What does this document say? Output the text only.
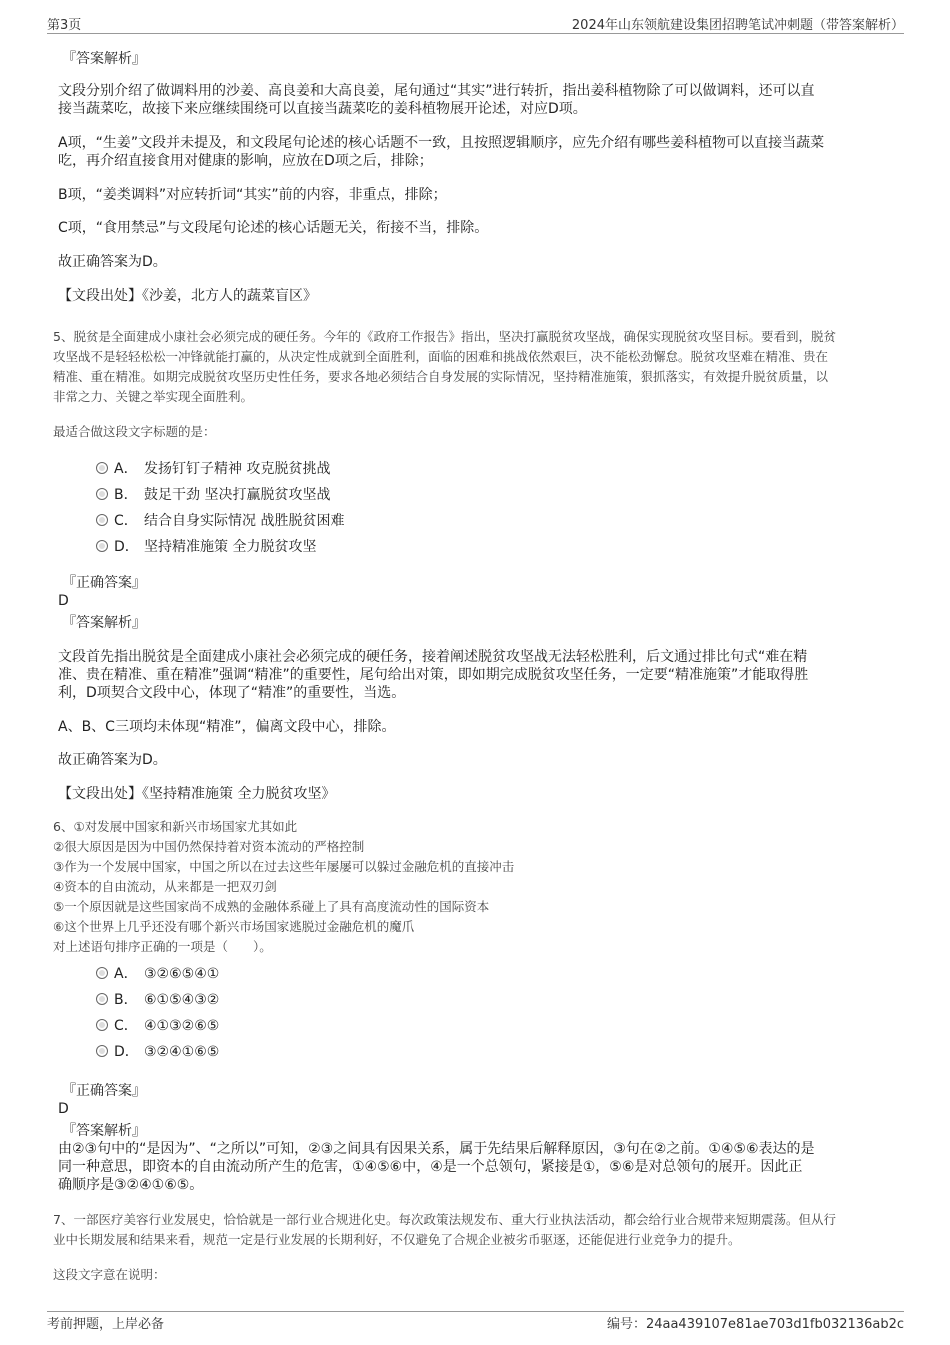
第3页	2024年山东领航建设集团招聘笔试冲刺题（带答案解析）

『答案解析』

文段分别介绍了做调料用的沙姜、高良姜和大高良姜，尾句通过“其实”进行转折，指出姜科植物除了可以做调料，还可以直

接当蔬菜吃，故接下来应继续围绕可以直接当蔬菜吃的姜科植物展开论述，对应D项。

A项，“生姜”文段并未提及，和文段尾句论述的核心话题不一致，且按照逻辑顺序，应先介绍有哪些姜科植物可以直接当蔬菜

吃，再介绍直接食用对健康的影响，应放在D项之后，排除；

B项，“姜类调料”对应转折词“其实”前的内容，非重点，排除；

C项，“食用禁忌”与文段尾句论述的核心话题无关，衔接不当，排除。

故正确答案为D。

【文段出处】《沙姜，北方人的蔬菜盲区》

5、脱贫是全面建成小康社会必须完成的硬任务。今年的《政府工作报告》指出，坚决打赢脱贫攻坚战，确保实现脱贫攻坚目标。要看到，脱贫

攻坚战不是轻轻松松一冲锋就能打赢的，从决定性成就到全面胜利，面临的困难和挑战依然艰巨，决不能松劲懈怠。脱贫攻坚难在精准、贵在

精准、重在精准。如期完成脱贫攻坚历史性任务，要求各地必须结合自身发展的实际情况，坚持精准施策，狠抓落实，有效提升脱贫质量，以

非常之力、关键之举实现全面胜利。

最适合做这段文字标题的是：

A． 发扬钉钉子精神 攻克脱贫挑战
B． 鼓足干劲 坚决打赢脱贫攻坚战
C． 结合自身实际情况 战胜脱贫困难
D． 坚持精准施策 全力脱贫攻坚

『正确答案』

D

『答案解析』

文段首先指出脱贫是全面建成小康社会必须完成的硬任务，接着阐述脱贫攻坚战无法轻松胜利，后文通过排比句式“难在精

准、贵在精准、重在精准”强调“精准”的重要性，尾句给出对策，即如期完成脱贫攻坚任务，一定要“精准施策”才能取得胜

利，D项契合文段中心，体现了“精准”的重要性，当选。

A、B、C三项均未体现“精准”，偏离文段中心，排除。

故正确答案为D。

【文段出处】《坚持精准施策 全力脱贫攻坚》

6、①对发展中国家和新兴市场国家尤其如此

②很大原因是因为中国仍然保持着对资本流动的严格控制

③作为一个发展中国家，中国之所以在过去这些年屡屡可以躲过金融危机的直接冲击

④资本的自由流动，从来都是一把双刃剑

⑤一个原因就是这些国家尚不成熟的金融体系碰上了具有高度流动性的国际资本

⑥这个世界上几乎还没有哪个新兴市场国家逃脱过金融危机的魔爪

对上述语句排序正确的一项是（　　）。

A． ③②⑥⑤④①
B． ⑥①⑤④③②
C． ④①③②⑥⑤
D． ③②④①⑥⑤

『正确答案』

D

『答案解析』

由②③句中的“是因为”、“之所以”可知，②③之间具有因果关系，属于先结果后解释原因，③句在②之前。①④⑤⑥表达的是

同一种意思，即资本的自由流动所产生的危害，①④⑤⑥中，④是一个总领句，紧接是①，⑤⑥是对总领句的展开。因此正

确顺序是③②④①⑥⑤。

7、一部医疗美容行业发展史，恰恰就是一部行业合规进化史。每次政策法规发布、重大行业执法活动，都会给行业合规带来短期震荡。但从行

业中长期发展和结果来看，规范一定是行业发展的长期利好，不仅避免了合规企业被劣币驱逐，还能促进行业竞争力的提升。

这段文字意在说明：

考前押题，上岸必备	编号：24aa439107e81ae703d1fb032136ab2c
